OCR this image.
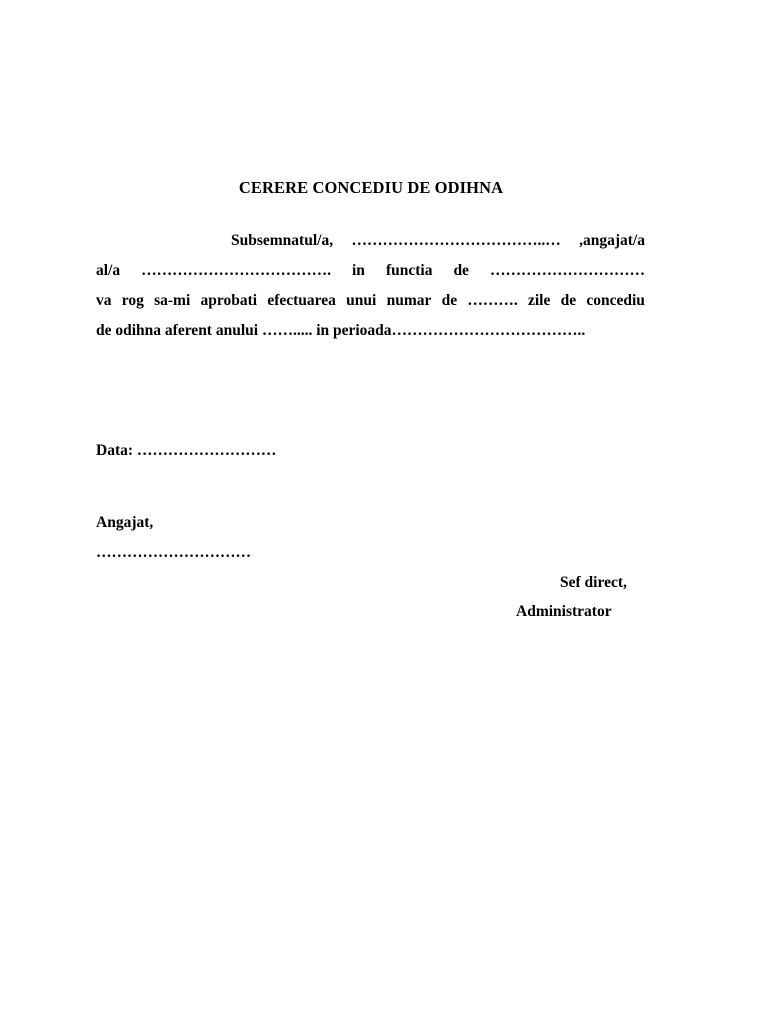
CERERE CONCEDIU DE ODIHNA
Subsemnatul/a, ………………………………..… ,angajat/a
al/a ………………………………. in functia de …………………………
va rog sa-mi aprobati efectuarea unui numar de ………. zile de concediu
de odihna aferent anului ……..... in perioada………………………………..
Data: ………………………
Angajat,
…………………………
Sef direct,
Administrator
